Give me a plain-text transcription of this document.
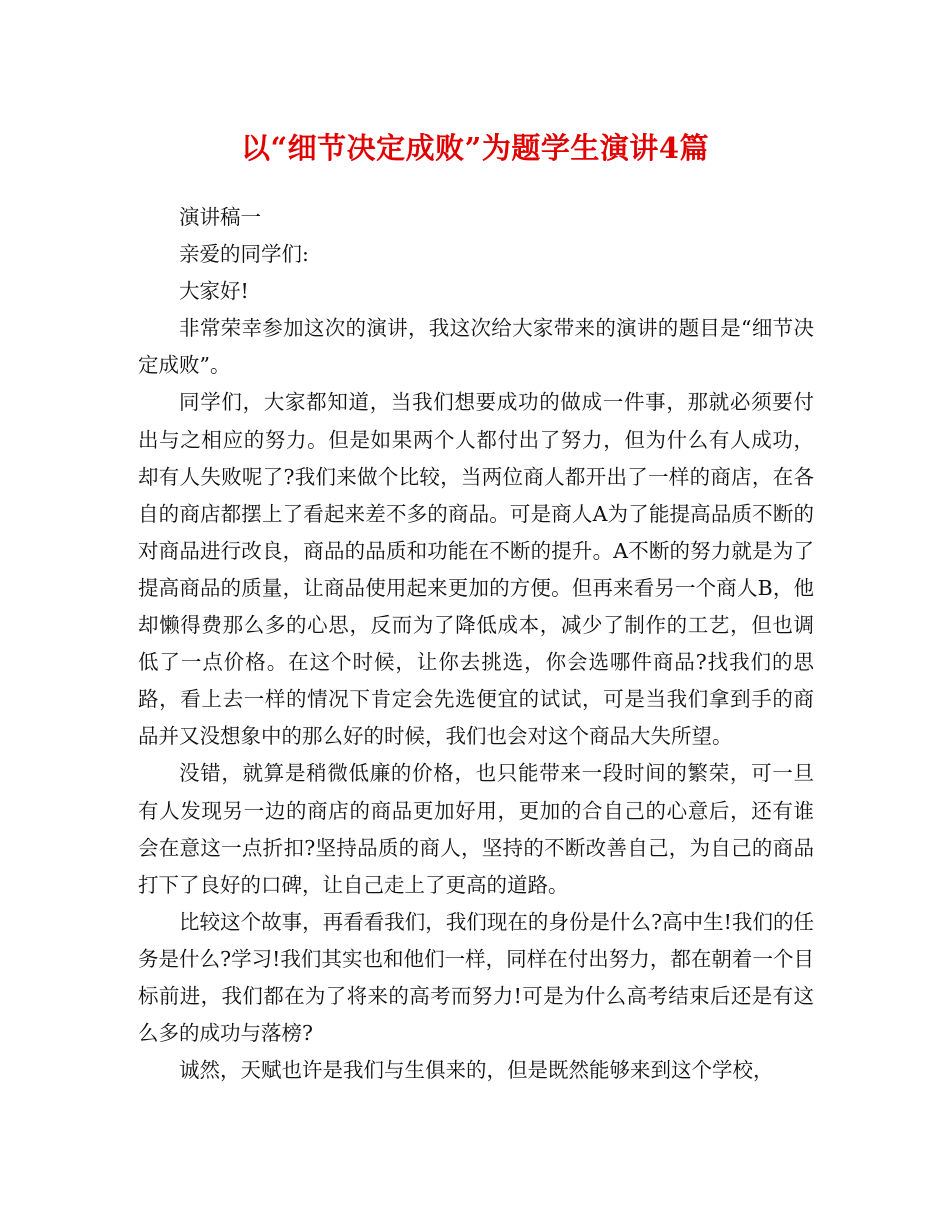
以“细节决定成败”为题学生演讲4篇

演讲稿一

亲爱的同学们:

大家好!

非常荣幸参加这次的演讲，我这次给大家带来的演讲的题目是“细节决定成败”。

同学们，大家都知道，当我们想要成功的做成一件事，那就必须要付出与之相应的努力。但是如果两个人都付出了努力，但为什么有人成功，却有人失败呢了?我们来做个比较，当两位商人都开出了一样的商店，在各自的商店都摆上了看起来差不多的商品。可是商人A为了能提高品质不断的对商品进行改良，商品的品质和功能在不断的提升。A不断的努力就是为了提高商品的质量，让商品使用起来更加的方便。但再来看另一个商人B，他却懒得费那么多的心思，反而为了降低成本，减少了制作的工艺，但也调低了一点价格。在这个时候，让你去挑选，你会选哪件商品?找我们的思路，看上去一样的情况下肯定会先选便宜的试试，可是当我们拿到手的商品并又没想象中的那么好的时候，我们也会对这个商品大失所望。

没错，就算是稍微低廉的价格，也只能带来一段时间的繁荣，可一旦有人发现另一边的商店的商品更加好用，更加的合自己的心意后，还有谁会在意这一点折扣?坚持品质的商人，坚持的不断改善自己，为自己的商品打下了良好的口碑，让自己走上了更高的道路。

比较这个故事，再看看我们，我们现在的身份是什么?高中生!我们的任务是什么?学习!我们其实也和他们一样，同样在付出努力，都在朝着一个目标前进，我们都在为了将来的高考而努力!可是为什么高考结束后还是有这么多的成功与落榜?

诚然，天赋也许是我们与生俱来的，但是既然能够来到这个学校，
